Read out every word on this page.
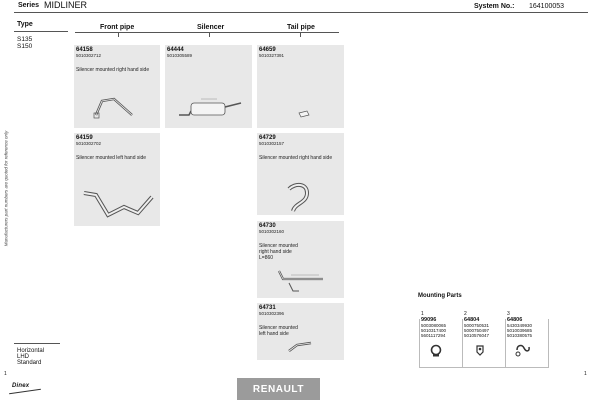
Series MIDLINER	System No.: 164100053
Manufacturers part numbers are quoted for reference only
Type
S135
S150
Front pipe	Silencer	Tail pipe
64158
5010302712
Silencer mounted right hand side
64159
5010302702
Silencer mounted left hand side
64444
5010305589
64659
5010327391
64729
5010302157
Silencer mounted right hand side
64730
5010302160
Silencer mounted
right hand side
L=860
64731
5010302396
Silencer mounted
left hand side
Horizontal
LHD
Standard
1	1
Dinex	RENAULT
Mounting Parts
1
99096
5003080065
5010317400
5601117294
2
64804
5000750531
5000750497
5010576047
3
64806
5430349930
5010039685
5010380575
